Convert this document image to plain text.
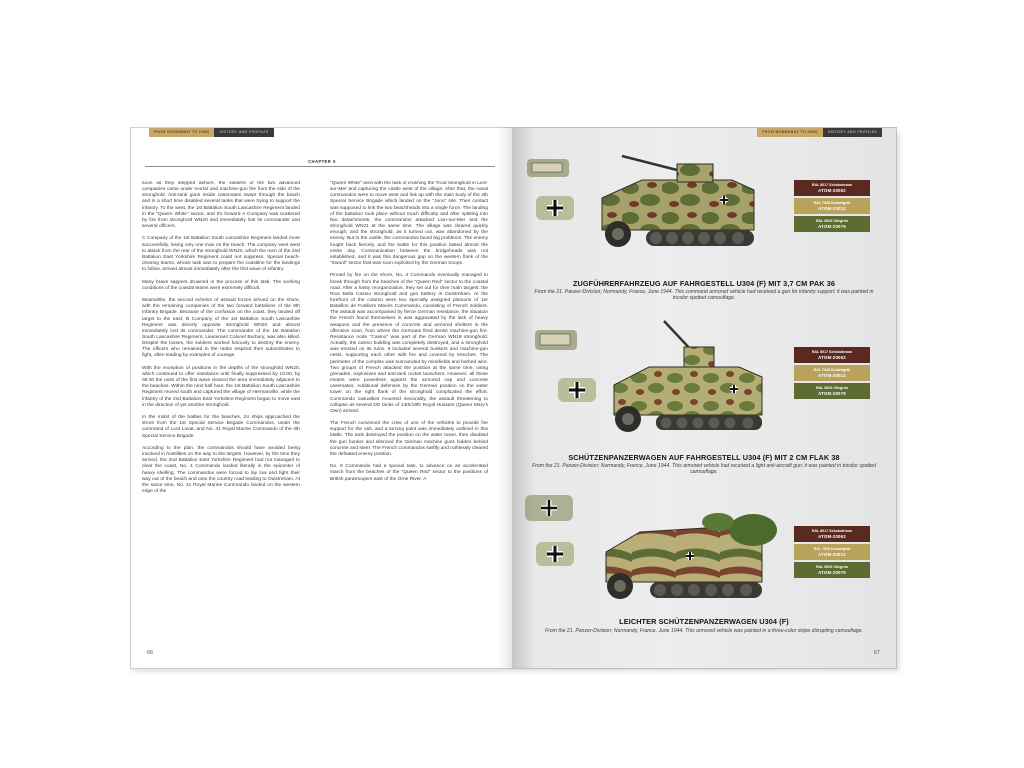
FROM NORMANDY TO FANS	HISTORY AND PROFILES
CHAPTER II

soon as they stepped ashore, the soldiers of the two advanced companies came under mortar and machine-gun fire from the side of the stronghold. Anti-tank guns inside casemates swept through the beach and in a short time disabled several tanks that were trying to support the infantry. To the west, the 1st Battalion South Lancashire Regiment landed in the "Queen White" sector, and it's forward A Company was scattered by fire from stronghold WN20 and immediately lost its commander and several officers.

C Company of the 1st Battalion South Lancashire Regiment landed more successfully, losing only one man on the beach. The company went west to attack from the rear of the stronghold WN20, which the men of the 2nd Battalion East Yorkshire Regiment could not suppress. Special beach-clearing teams, whose task was to prepare the coastline for the landings to follow, arrived almost immediately after the first wave of infantry.

Many brave sappers drowned in the process of this task. The working conditions of the coastal teams were extremely difficult.

Meanwhile, the second echelon of assault forces arrived on the shore, with the remaining companies of the two forward battalions of the 8th Infantry Brigade. Because of the confusion on the coast, they landed off target to the east; B Company of the 1st Battalion South Lancashire Regiment was directly opposite stronghold WN20 and almost immediately lost its commander. The commander of the 1st Battalion South Lancashire Regiment, Lieutenant Colonel Burbury, was also killed. Despite the losses, the soldiers worked furiously to destroy the enemy. The officers who remained in the ranks inspired their subordinates to fight, often leading by examples of courage.

With the exception of positions in the depths of the stronghold WN20, which continued to offer resistance until finally suppressed by 10:00, by 08:30 the units of the first wave cleared the area immediately adjacent to the beaches. Within the next half hour, the 1st Battalion South Lancashire Regiment moved south and captured the village of Hermanville, while the infantry of the 2nd Battalion East Yorkshire Regiment began to move east in the direction of yet another stronghold.

In the midst of the battles for the beaches, 24 ships approached the shore from the 1st Special Service Brigade Commandos, under the command of Lord Lovat, and No. 41 Royal Marine Commando of the 4th Special Service Brigade.

According to the plan, the commandos should have avoided being involved in hostilities on the way to the targets. However, by the time they arrived, the 2nd Battalion East Yorkshire Regiment had not managed to clear the coast, No. 4 Commando landed literally in the epicenter of heavy shelling. The commandos were forced to lay low and fight their way out of the beach and onto the country road leading to Ouistreham. At the same time, No. 41 Royal Marine Commando landed on the western edge of the

"Queen White" area with the task of crushing the Trout stronghold in Lion-sur-Mer and capturing the castle west of the village. After that, the naval commandos were to move west and link up with the main body of the 4th Special Service Brigade which landed on the "Juno" site. Their contact was supposed to link the two beachheads into a single force. The landing of the battalion took place without much difficulty and after splitting into two detachments, the commandos attacked Lion-sur-Mer and the stronghold WN21 at the same time. The village was cleared quickly enough, and the stronghold, as it turned out, was abandoned by the enemy. But in the castle, the commandos faced big problems. The enemy fought back fiercely, and the battle for this position lasted almost the entire day. Communication between the bridgeheads was not established, and it was this dangerous gap on the western flank of the "Sword" sector that was soon exploited by the German troops.

Pinned by fire on the shore, No. 4 Commando eventually managed to break through from the beaches of the "Queen Red" sector to the coastal road. After a hasty reorganization, they set out for their main targets: the Riva Bella Casino stronghold and gun battery in Ouistreham. At the forefront of the column were two specially assigned platoons of 1er Bataillon de Fusiliers Marins Commando, consisting of French soldiers. The assault was accompanied by fierce German resistance, the situation the French found themselves in was aggravated by the lack of heavy weapons and the presence of concrete and armored shelters in the offensive zone, from where the Germans fired dense machine-gun fire. Resistance node "Casino" was part of the German WN18 stronghold. Actually, the casino building was completely destroyed, and a stronghold was erected on its ruins. It included several bunkers and machine-gun nests, supporting each other with fire and covered by trenches. The perimeter of the complex was surrounded by minefields and barbed wire. Two groups of French attacked the position at the same time, using grenades, explosives and anti-tank rocket launchers. However, all these means were powerless against the armored cap and concrete casemates. Additional defenses by the German position on the water tower on the right flank of the stronghold complicated the effort. Commando casualties mounted inexorably, the assault threatening to collapse as several DD tanks of 13th/18th Royal Hussars (Queen Mary's Own) arrived.

The French convinced the crew of one of the vehicles to provide fire support for the unit, and a turning point was immediately outlined in this battle. The tank destroyed the position on the water tower, then disabled the gun bunker and silenced the German machine guns hidden behind concrete and steel. The French commandos swiftly and ruthlessly cleared the defeated enemy position.

No. 6 Commando had a special task, to advance on an accelerated march from the beaches of the "Queen Red" sector to the positions of British paratroopers east of the Orne River. A

66
FROM NORMANDY TO FANS	HISTORY AND PROFILES
RAL 8017 Schokobraun
ATOM-20062
RAL 7028 Dunkelgelb
ATOM-20012
RAL 6003 Olivgrün
ATOM-20079
ZUGFÜHRERFAHRZEUG AUF FAHRGESTELL U304 (F) MIT 3,7 CM PAK 36
From the 21. Panzer-Division; Normandy, France, June 1944. This command armored vehicle had received a gun for infantry support; it was painted in tricolor spotted camouflage.
RAL 8017 Schokobraun
ATOM-20062
RAL 7028 Dunkelgelb
ATOM-20012
RAL 6003 Olivgrün
ATOM-20079
SCHÜTZENPANZERWAGEN AUF FAHRGESTELL U304 (F) MIT 2 CM FLAK 38
From the 21. Panzer-Division; Normandy, France, June 1944. This armored vehicle had received a light anti-aircraft gun; it was painted in tricolor spotted camouflage.
RAL 8017 Schokobraun
ATOM-20062
RAL 7028 Dunkelgelb
ATOM-20012
RAL 6003 Olivgrün
ATOM-20079
LEICHTER SCHÜTZENPANZERWAGEN U304 (F)
From the 21. Panzer-Division; Normandy, France, June 1944. This armored vehicle was painted in a three-color stripe disrupting camouflage.
67
